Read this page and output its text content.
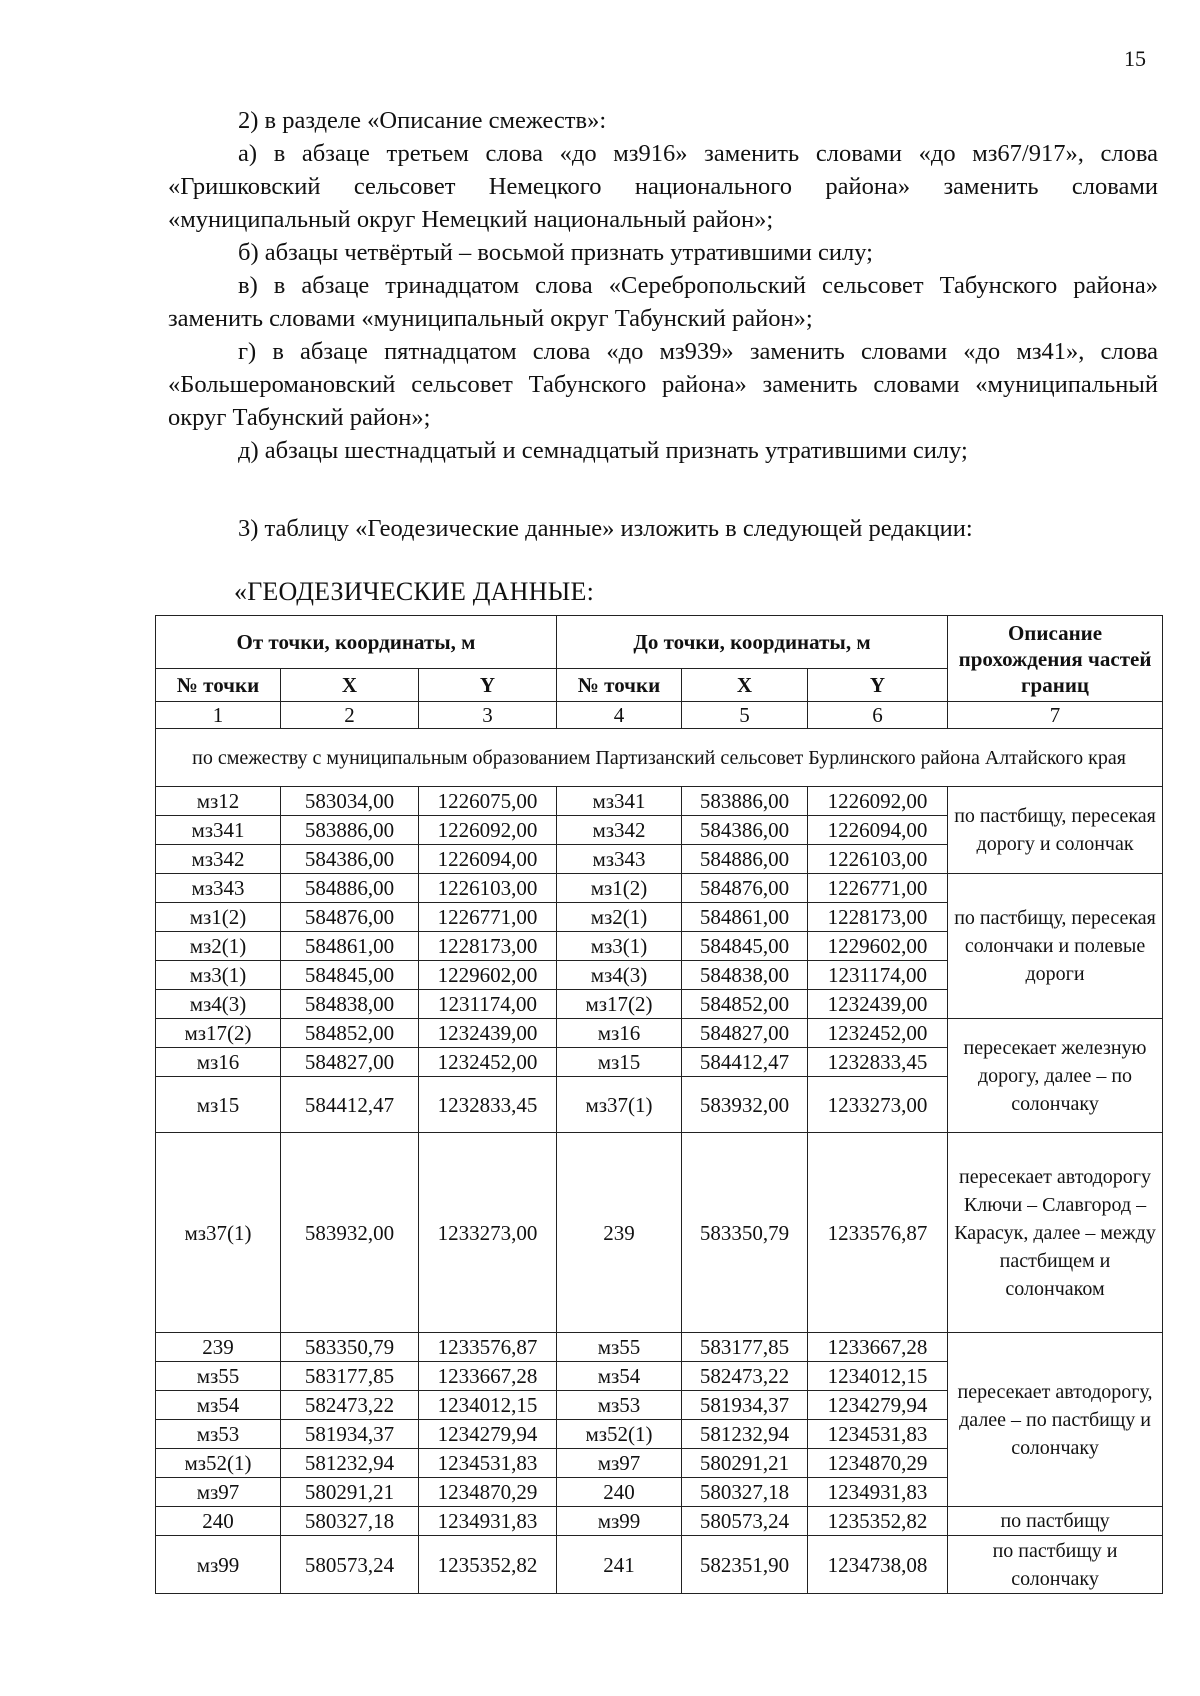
15

2) в разделе «Описание смежеств»:

а) в абзаце третьем слова «до мз916» заменить словами «до мз67/917», слова «Гришковский сельсовет Немецкого национального района» заменить словами «муниципальный округ Немецкий национальный район»;

б) абзацы четвёртый – восьмой признать утратившими силу;

в) в абзаце тринадцатом слова «Серебропольский сельсовет Табунского района» заменить словами «муниципальный округ Табунский район»;

г) в абзаце пятнадцатом слова «до мз939» заменить словами «до мз41», слова «Большеромановский сельсовет Табунского района» заменить словами «муниципальный округ Табунский район»;

д) абзацы шестнадцатый и семнадцатый признать утратившими силу;

3) таблицу «Геодезические данные» изложить в следующей редакции:
«ГЕОДЕЗИЧЕСКИЕ ДАННЫЕ:
От точки, координаты, м			До точки, координаты, м			Описание прохождения частей границ
№ точки	X	Y	№ точки	X	Y	
1	2	3	4	5	6	7
по смежеству с муниципальным образованием Партизанский сельсовет Бурлинского района Алтайского края						
мз12	583034,00	1226075,00	мз341	583886,00	1226092,00	по пастбищу, пересекая дорогу и солончак
мз341	583886,00	1226092,00	мз342	584386,00	1226094,00	
мз342	584386,00	1226094,00	мз343	584886,00	1226103,00	
мз343	584886,00	1226103,00	мз1(2)	584876,00	1226771,00	по пастбищу, пересекая солончаки и полевые дороги
мз1(2)	584876,00	1226771,00	мз2(1)	584861,00	1228173,00	
мз2(1)	584861,00	1228173,00	мз3(1)	584845,00	1229602,00	
мз3(1)	584845,00	1229602,00	мз4(3)	584838,00	1231174,00	
мз4(3)	584838,00	1231174,00	мз17(2)	584852,00	1232439,00	
мз17(2)	584852,00	1232439,00	мз16	584827,00	1232452,00	пересекает железную дорогу, далее – по солончаку
мз16	584827,00	1232452,00	мз15	584412,47	1232833,45	
мз15	584412,47	1232833,45	мз37(1)	583932,00	1233273,00	
мз37(1)	583932,00	1233273,00	239	583350,79	1233576,87	пересекает автодорогу Ключи – Славгород – Карасук, далее – между пастбищем и солончаком
239	583350,79	1233576,87	мз55	583177,85	1233667,28	пересекает автодорогу, далее – по пастбищу и солончаку
мз55	583177,85	1233667,28	мз54	582473,22	1234012,15	
мз54	582473,22	1234012,15	мз53	581934,37	1234279,94	
мз53	581934,37	1234279,94	мз52(1)	581232,94	1234531,83	
мз52(1)	581232,94	1234531,83	мз97	580291,21	1234870,29	
мз97	580291,21	1234870,29	240	580327,18	1234931,83	
240	580327,18	1234931,83	мз99	580573,24	1235352,82	по пастбищу
мз99	580573,24	1235352,82	241	582351,90	1234738,08	по пастбищу и солончаку
